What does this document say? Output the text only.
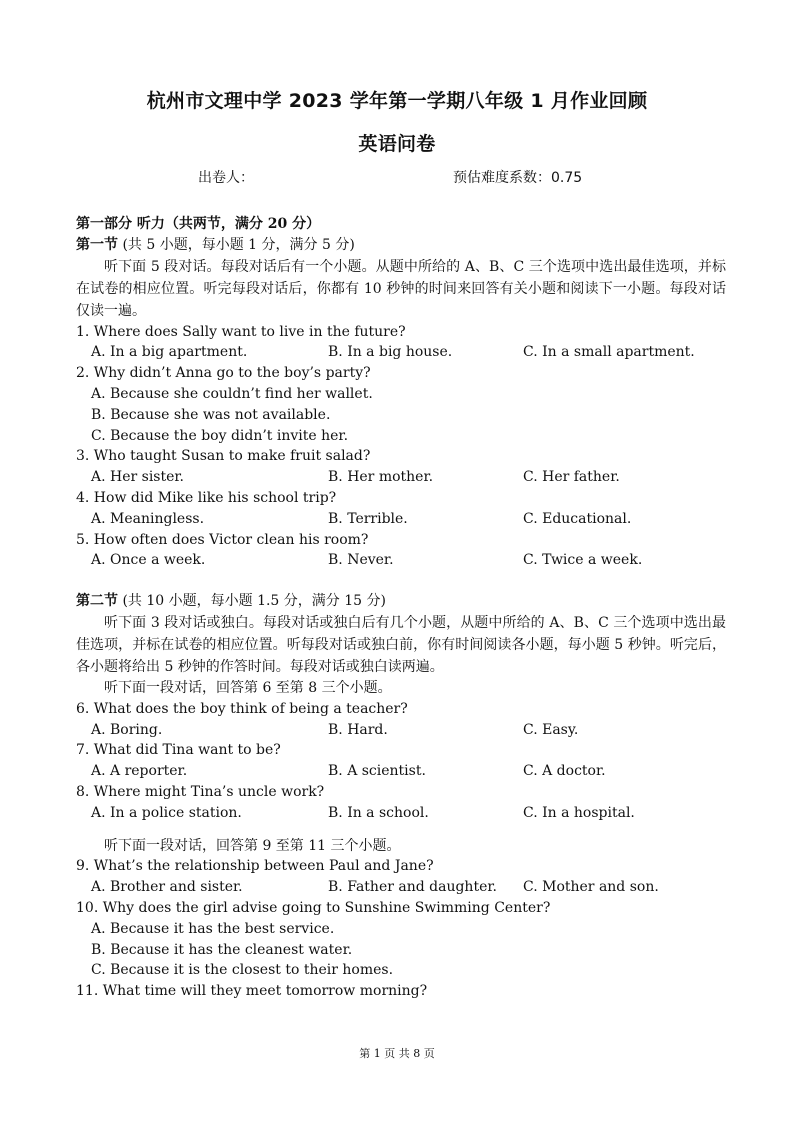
杭州市文理中学 2023 学年第一学期八年级 1 月作业回顾
英语问卷
出卷人：	预估难度系数：0.75
第一部分 听力（共两节，满分 20 分）
第一节 (共 5 小题，每小题 1 分，满分 5 分)

听下面 5 段对话。每段对话后有一个小题。从题中所给的 A、B、C 三个选项中选出最佳选项，并标在试卷的相应位置。听完每段对话后，你都有 10 秒钟的时间来回答有关小题和阅读下一小题。每段对话仅读一遍。

1. Where does Sally want to live in the future?
A. In a big apartment.	B. In a big house.	C. In a small apartment.
2. Why didn’t Anna go to the boy’s party?
A. Because she couldn’t find her wallet.
B. Because she was not available.
C. Because the boy didn’t invite her.
3. Who taught Susan to make fruit salad?
A. Her sister.	B. Her mother.	C. Her father.
4. How did Mike like his school trip?
A. Meaningless.	B. Terrible.	C. Educational.
5. How often does Victor clean his room?
A. Once a week.	B. Never.	C. Twice a week.
第二节 (共 10 小题，每小题 1.5 分，满分 15 分)

听下面 3 段对话或独白。每段对话或独白后有几个小题，从题中所给的 A、B、C 三个选项中选出最佳选项，并标在试卷的相应位置。听每段对话或独白前，你有时间阅读各小题，每小题 5 秒钟。听完后，各小题将给出 5 秒钟的作答时间。每段对话或独白读两遍。

听下面一段对话，回答第 6 至第 8 三个小题。
6. What does the boy think of being a teacher?
A. Boring.	B. Hard.	C. Easy.
7. What did Tina want to be?
A. A reporter.	B. A scientist.	C. A doctor.
8. Where might Tina’s uncle work?
A. In a police station.	B. In a school.	C. In a hospital.
听下面一段对话，回答第 9 至第 11 三个小题。
9. What’s the relationship between Paul and Jane?
A. Brother and sister.	B. Father and daughter. C. Mother and son.
10. Why does the girl advise going to Sunshine Swimming Center?
A. Because it has the best service.
B. Because it has the cleanest water.
C. Because it is the closest to their homes.
11. What time will they meet tomorrow morning?
第 1 页 共 8 页
